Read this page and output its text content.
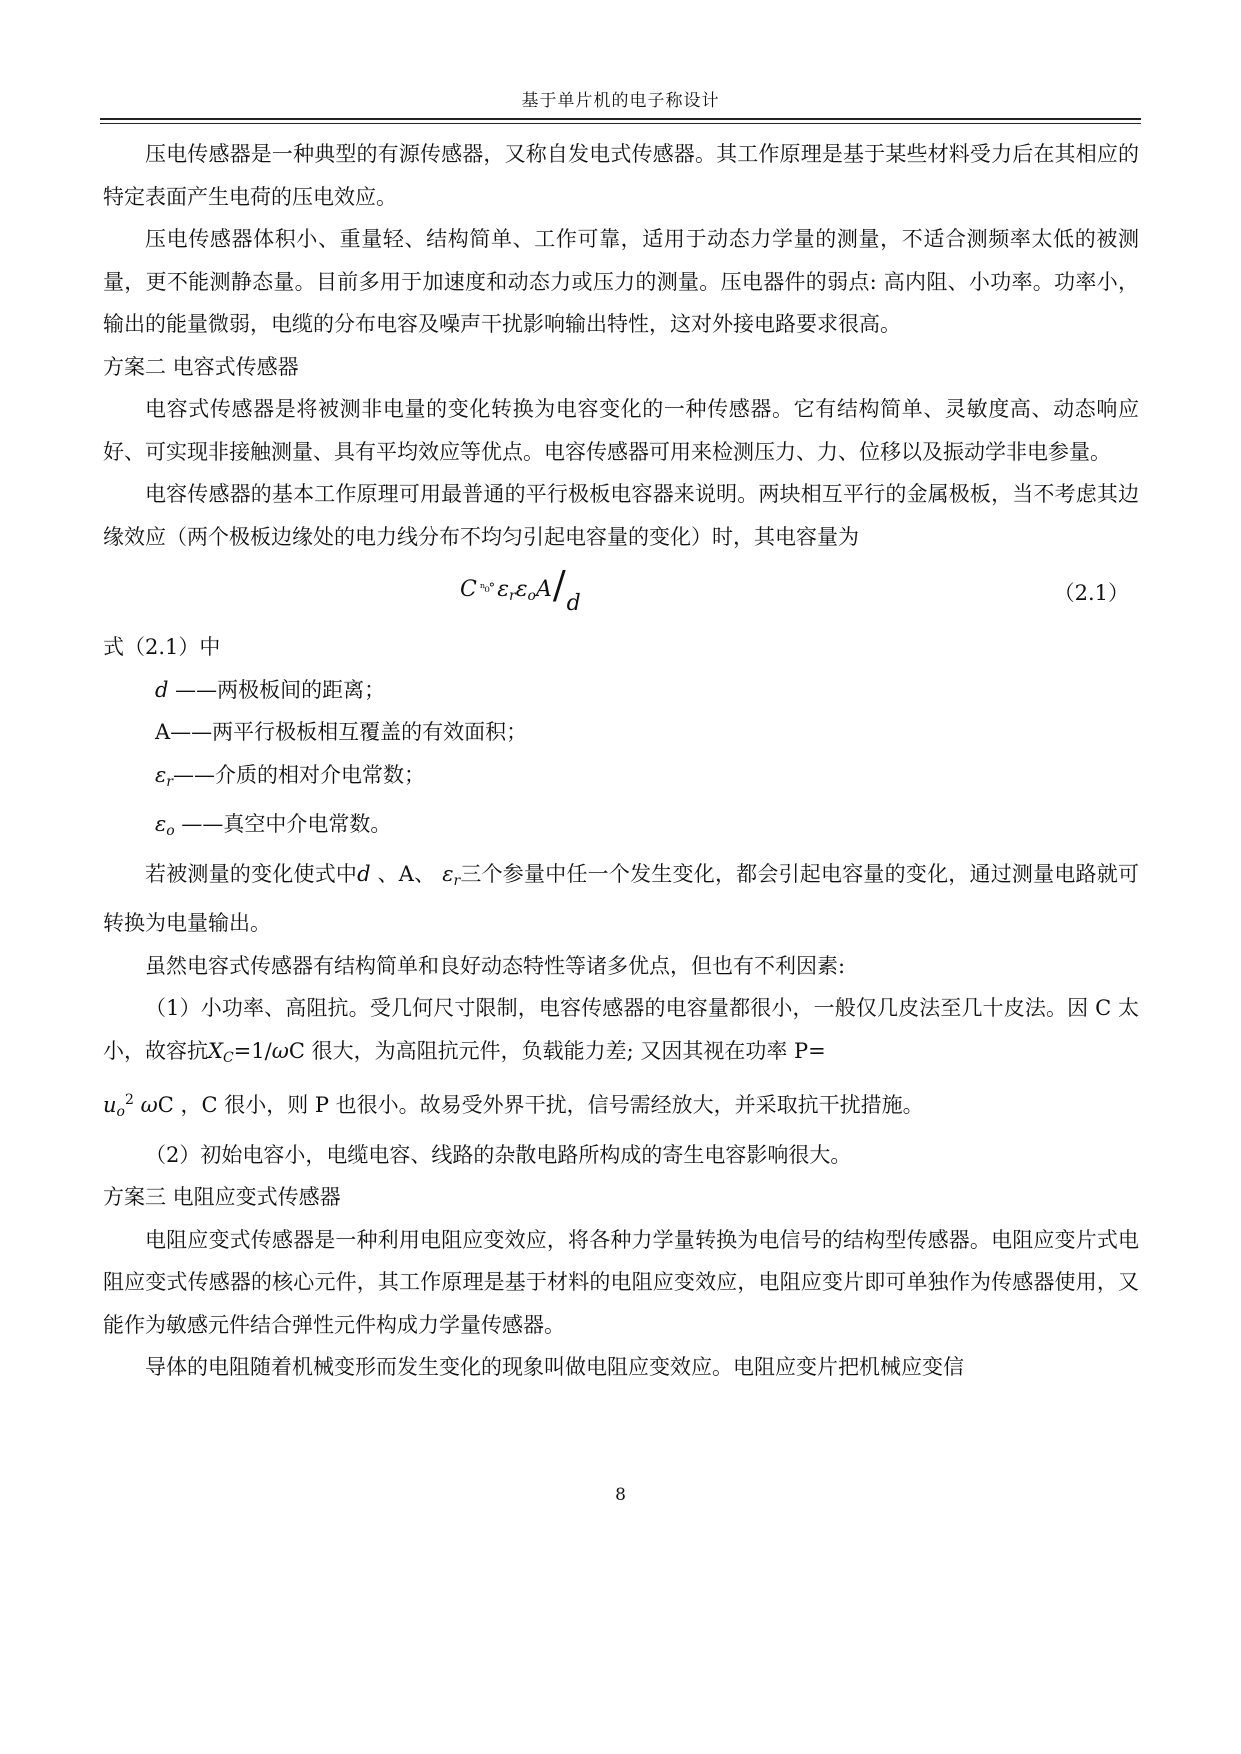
基于单片机的电子称设计

压电传感器是一种典型的有源传感器，又称自发电式传感器。其工作原理是基于某些材料受力后在其相应的特定表面产生电荷的压电效应。

压电传感器体积小、重量轻、结构简单、工作可靠，适用于动态力学量的测量，不适合测频率太低的被测量，更不能测静态量。目前多用于加速度和动态力或压力的测量。压电器件的弱点: 高内阻、小功率。功率小，输出的能量微弱，电缆的分布电容及噪声干扰影响输出特性，这对外接电路要求很高。

方案二 电容式传感器

电容式传感器是将被测非电量的变化转换为电容变化的一种传感器。它有结构简单、灵敏度高、动态响应好、可实现非接触测量、具有平均效应等优点。电容传感器可用来检测压力、力、位移以及振动学非电参量。

电容传感器的基本工作原理可用最普通的平行极板电容器来说明。两块相互平行的金属极板，当不考虑其边缘效应（两个极板边缘处的电力线分布不均匀引起电容量的变化）时，其电容量为

C ⁿ₀° $\varepsilon_r\varepsilon_oA/d$	（2.1）

式（2.1）中

d ——两极板间的距离；

A——两平行极板相互覆盖的有效面积；

εr——介质的相对介电常数；

εo ——真空中介电常数。

若被测量的变化使式中d 、A、 εr三个参量中任一个发生变化，都会引起电容量的变化，通过测量电路就可转换为电量输出。

虽然电容式传感器有结构简单和良好动态特性等诸多优点，但也有不利因素:

（1）小功率、高阻抗。受几何尺寸限制，电容传感器的电容量都很小，一般仅几皮法至几十皮法。因 C 太小，故容抗XC=1/ωC 很大，为高阻抗元件，负载能力差; 又因其视在功率 P=
$uo^2$ ωC ，C 很小，则 P 也很小。故易受外界干扰，信号需经放大，并采取抗干扰措施。

（2）初始电容小，电缆电容、线路的杂散电路所构成的寄生电容影响很大。

方案三 电阻应变式传感器

电阻应变式传感器是一种利用电阻应变效应，将各种力学量转换为电信号的结构型传感器。电阻应变片式电阻应变式传感器的核心元件，其工作原理是基于材料的电阻应变效应，电阻应变片即可单独作为传感器使用，又能作为敏感元件结合弹性元件构成力学量传感器。

导体的电阻随着机械变形而发生变化的现象叫做电阻应变效应。电阻应变片把机械应变信

8
